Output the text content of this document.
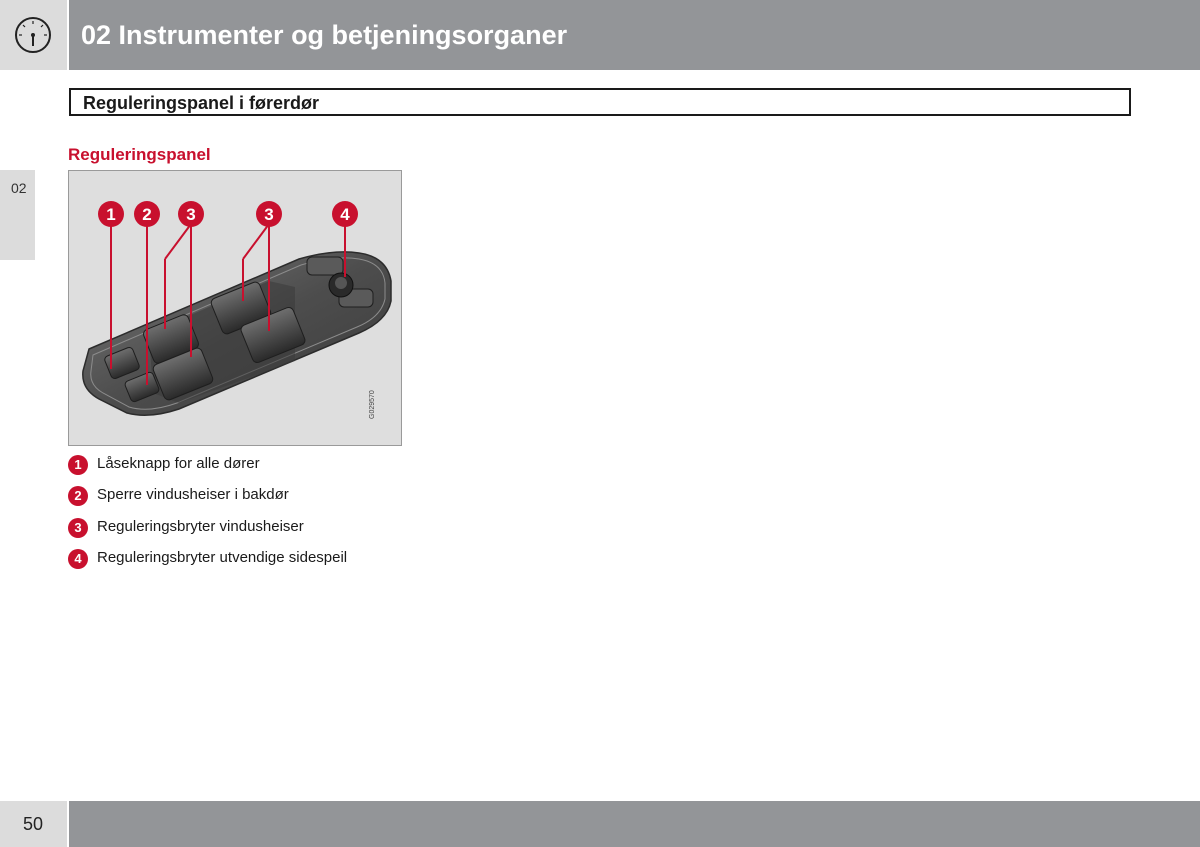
02 Instrumenter og betjeningsorganer
02
Reguleringspanel i førerdør
Reguleringspanel
1 2 3	3	4
G029570
1	Låseknapp for alle dører
2	Sperre vindusheiser i bakdør
3	Reguleringsbryter vindusheiser
4	Reguleringsbryter utvendige sidespeil
50
